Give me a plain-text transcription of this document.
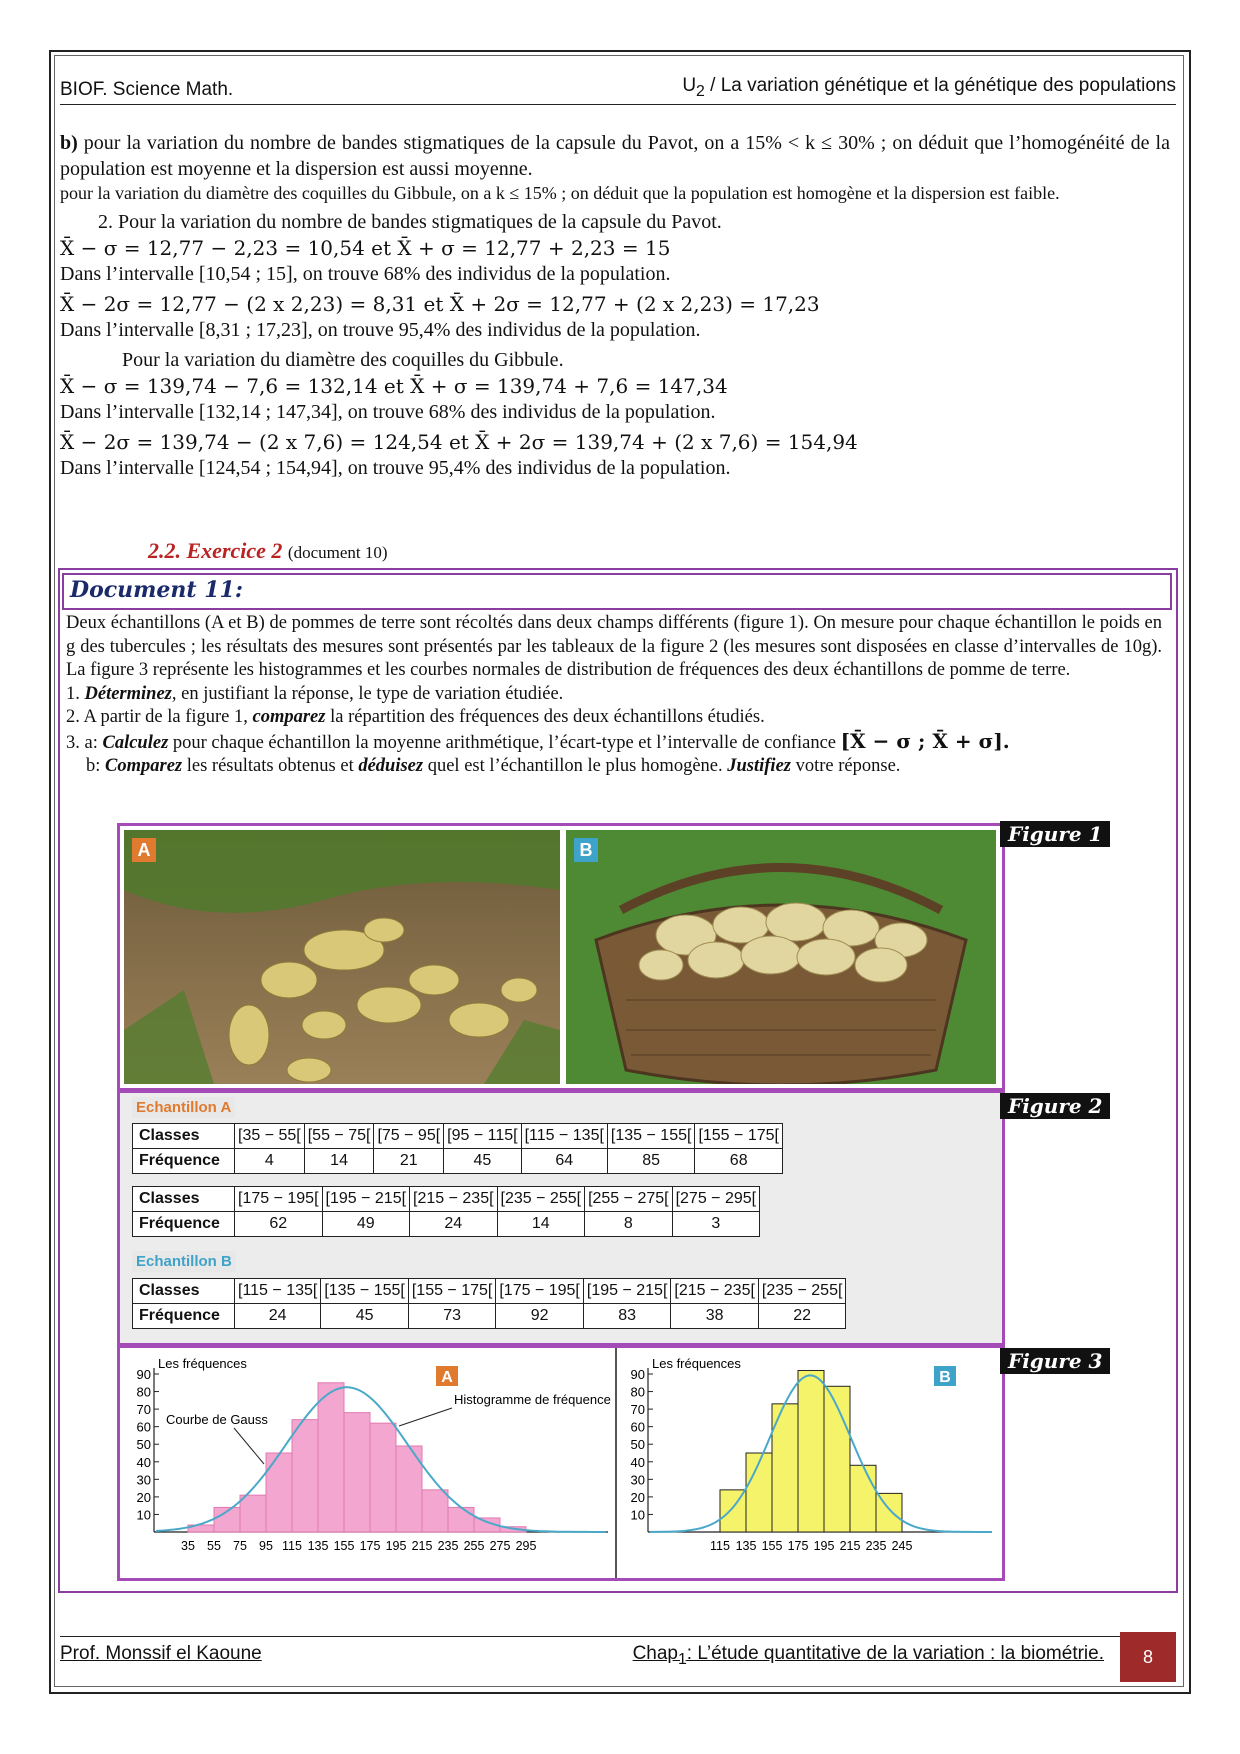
BIOF. Science Math.	$U_2$ / La variation génétique et la génétique des populations

b) pour la variation du nombre de bandes stigmatiques de la capsule du Pavot, on a 15% < k ≤ 30% ; on déduit que l’homogénéité de la population est moyenne et la dispersion est aussi moyenne.

pour la variation du diamètre des coquilles du Gibbule, on a k ≤ 15% ; on déduit que la population est homogène et la dispersion est faible.

2. Pour la variation du nombre de bandes stigmatiques de la capsule du Pavot.

X̄ − σ = 12,77 − 2,23 = 10,54 et X̄ + σ = 12,77 + 2,23 = 15

Dans l’intervalle [10,54 ; 15], on trouve 68% des individus de la population.

X̄ − 2σ = 12,77 − (2 x 2,23) = 8,31 et X̄ + 2σ = 12,77 + (2 x 2,23) = 17,23

Dans l’intervalle [8,31 ; 17,23], on trouve 95,4% des individus de la population.

Pour la variation du diamètre des coquilles du Gibbule.

X̄ − σ = 139,74 − 7,6 = 132,14 et X̄ + σ = 139,74 + 7,6 = 147,34

Dans l’intervalle [132,14 ; 147,34], on trouve 68% des individus de la population.

X̄ − 2σ = 139,74 − (2 x 7,6) = 124,54 et X̄ + 2σ = 139,74 + (2 x 7,6) = 154,94

Dans l’intervalle [124,54 ; 154,94], on trouve 95,4% des individus de la population.

2.2. Exercice 2 (document 10)
Document 11:

Deux échantillons (A et B) de pommes de terre sont récoltés dans deux champs différents (figure 1). On mesure pour chaque échantillon le poids en g des tubercules ; les résultats des mesures sont présentés par les tableaux de la figure 2 (les mesures sont disposées en classe d’intervalles de 10g). La figure 3 représente les histogrammes et les courbes normales de distribution de fréquences des deux échantillons de pomme de terre.

1. Déterminez, en justifiant la réponse, le type de variation étudiée.

2. A partir de la figure 1, comparez la répartition des fréquences des deux échantillons étudiés.

3. a: Calculez pour chaque échantillon la moyenne arithmétique, l’écart-type et l’intervalle de confiance [X̄ − σ ; X̄ + σ].

b: Comparez les résultats obtenus et déduisez quel est l’échantillon le plus homogène. Justifiez votre réponse.

A	B
Figure 1
Echantillon A
Classes	[35 − 55[	[55 − 75[	[75 − 95[	[95 − 115[	[115 − 135[	[135 − 155[	[155 − 175[
Fréquence	4	14	21	45	64	85	68
Classes	[175 − 195[	[195 − 215[	[215 − 235[	[235 − 255[	[255 − 275[	[275 − 295[
Fréquence	62	49	24	14	8	3
Echantillon B
Classes	[115 − 135[	[135 − 155[	[155 − 175[	[175 − 195[	[195 − 215[	[215 − 235[	[235 − 255[
Fréquence	24	45	73	92	83	38	22
Figure 2
10
20
30
40
50
60
70
80
90
Les fréquences
35 55 75 95 115 135 155 175 195 215 235 255 275 295
A
Courbe de Gauss
Histogramme de fréquence
10
20
30
40
50
60
70
80
90
Les fréquences
115 135 155 175 195 215 235 245
B
Figure 3
Prof. Monssif el Kaoune	Chap$_1$: L’étude quantitative de la variation : la biométrie.	8
